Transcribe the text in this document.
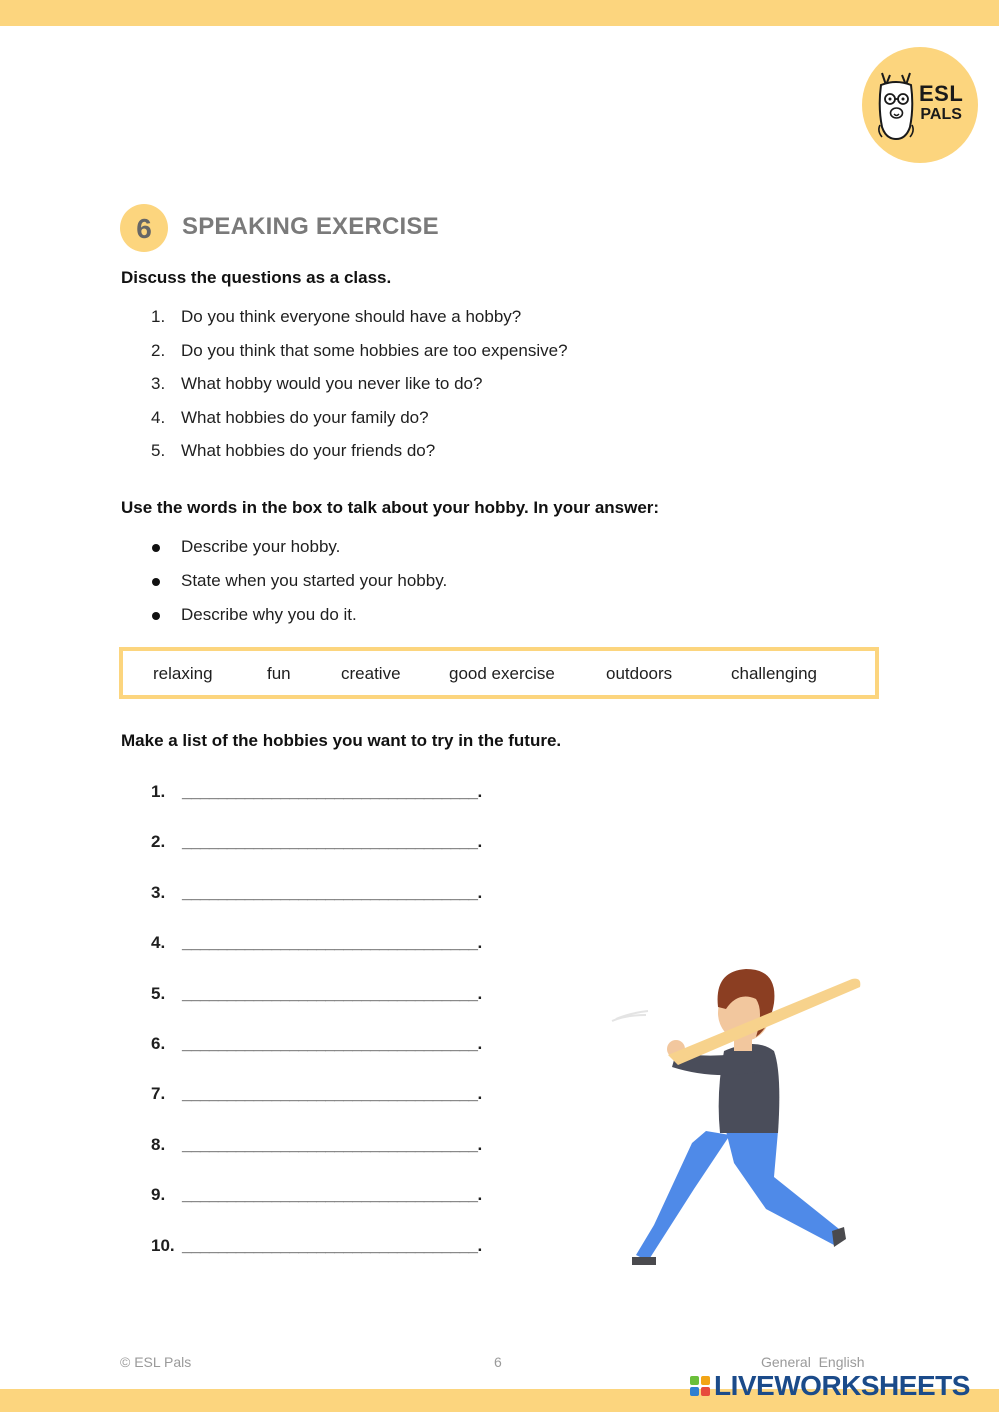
ESL
PALS
6	SPEAKING EXERCISE
Discuss the questions as a class.
1. Do you think everyone should have a hobby?
2. Do you think that some hobbies are too expensive?
3. What hobby would you never like to do?
4. What hobbies do your family do?
5. What hobbies do your friends do?
Use the words in the box to talk about your hobby. In your answer:
Describe your hobby.
State when you started your hobby.
Describe why you do it.
relaxing	fun	creative	good exercise	outdoors	challenging
Make a list of the hobbies you want to try in the future.
1. _________________________________.
2. _________________________________.
3. _________________________________.
4. _________________________________.
5. _________________________________.
6. _________________________________.
7. _________________________________.
8. _________________________________.
9. _________________________________.
10. _________________________________.
© ESL Pals	6	General  English
LIVEWORKSHEETS
